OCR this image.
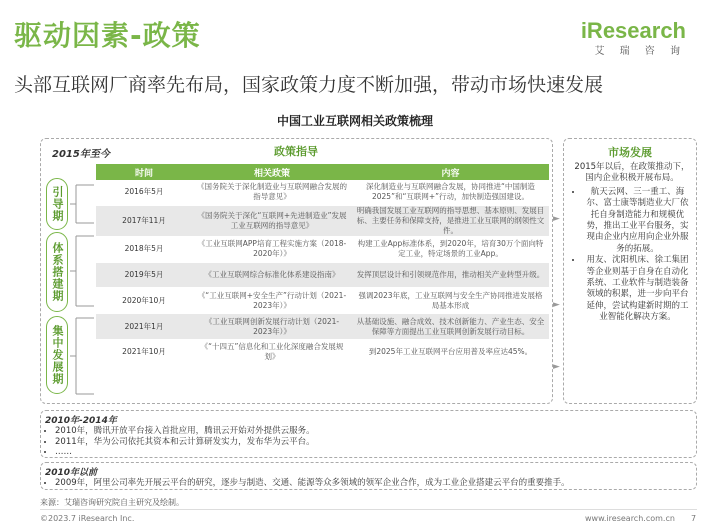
驱动因素-政策	iResearch
艾 瑞 咨 询
头部互联网厂商率先布局，国家政策力度不断加强，带动市场快速发展
中国工业互联网相关政策梳理
2015年至今	政策指导
引导期
体系搭建期
集中发展期
时间	相关政策	内容
2016年5月	《国务院关于深化制造业与互联网融合发展的指导意见》	深化制造业与互联网融合发展，协同推进“中国制造2025”和“互联网+”行动，加快制造强国建设。
2017年11月	《国务院关于深化“互联网+先进制造业”发展工业互联网的指导意见》	明确我国发展工业互联网的指导思想、基本原则、发展目标、主要任务和保障支持，是推进工业互联网的纲领性文件。
2018年5月	《工业互联网APP培育工程实施方案（2018-2020年）》	构建工业App标准体系，到2020年，培育30万个面向特定工业，特定场景的工业App。
2019年5月	《工业互联网综合标准化体系建设指南》	发挥顶层设计和引领规范作用，推动相关产业转型升级。
2020年10月	《“工业互联网+安全生产”行动计划（2021-2023年）》	强调2023年底，工业互联网与安全生产协同推进发展格局基本形成
2021年1月	《工业互联网创新发展行动计划（2021-2023年）》	从基础设施、融合成效、技术创新能力、产业生态、安全保障等方面提出工业互联网创新发展行动目标。
2021年10月	《“十四五”信息化和工业化深度融合发展规划》	到2025年工业互联网平台应用普及率应达45%。
►
►
►
市场发展

2015年以后，在政策推动下，国内企业积极开展布局。

• 航天云网、三一重工、海尔、富士康等制造业大厂依托自身制造能力和规模优势，推出工业平台服务，实现由企业内应用向企业外服务的拓展。
• 用友、沈阳机床、徐工集团等企业则基于自身在自动化系统、工业软件与制造装备领域的积累，进一步向平台延伸，尝试构建新时期的工业智能化解决方案。
2010年-2014年
• 2010年，腾讯开放平台接入首批应用，腾讯云开始对外提供云服务。
• 2011年，华为公司依托其资本和云计算研发实力，发布华为云平台。
• ……
2010年以前
• 2009年，阿里公司率先开展云平台的研究，逐步与制造、交通、能源等众多领域的领军企业合作，成为工业企业搭建云平台的重要推手。
来源：艾瑞咨询研究院自主研究及绘制。
©2023.7 iResearch Inc.	www.iresearch.com.cn 7
